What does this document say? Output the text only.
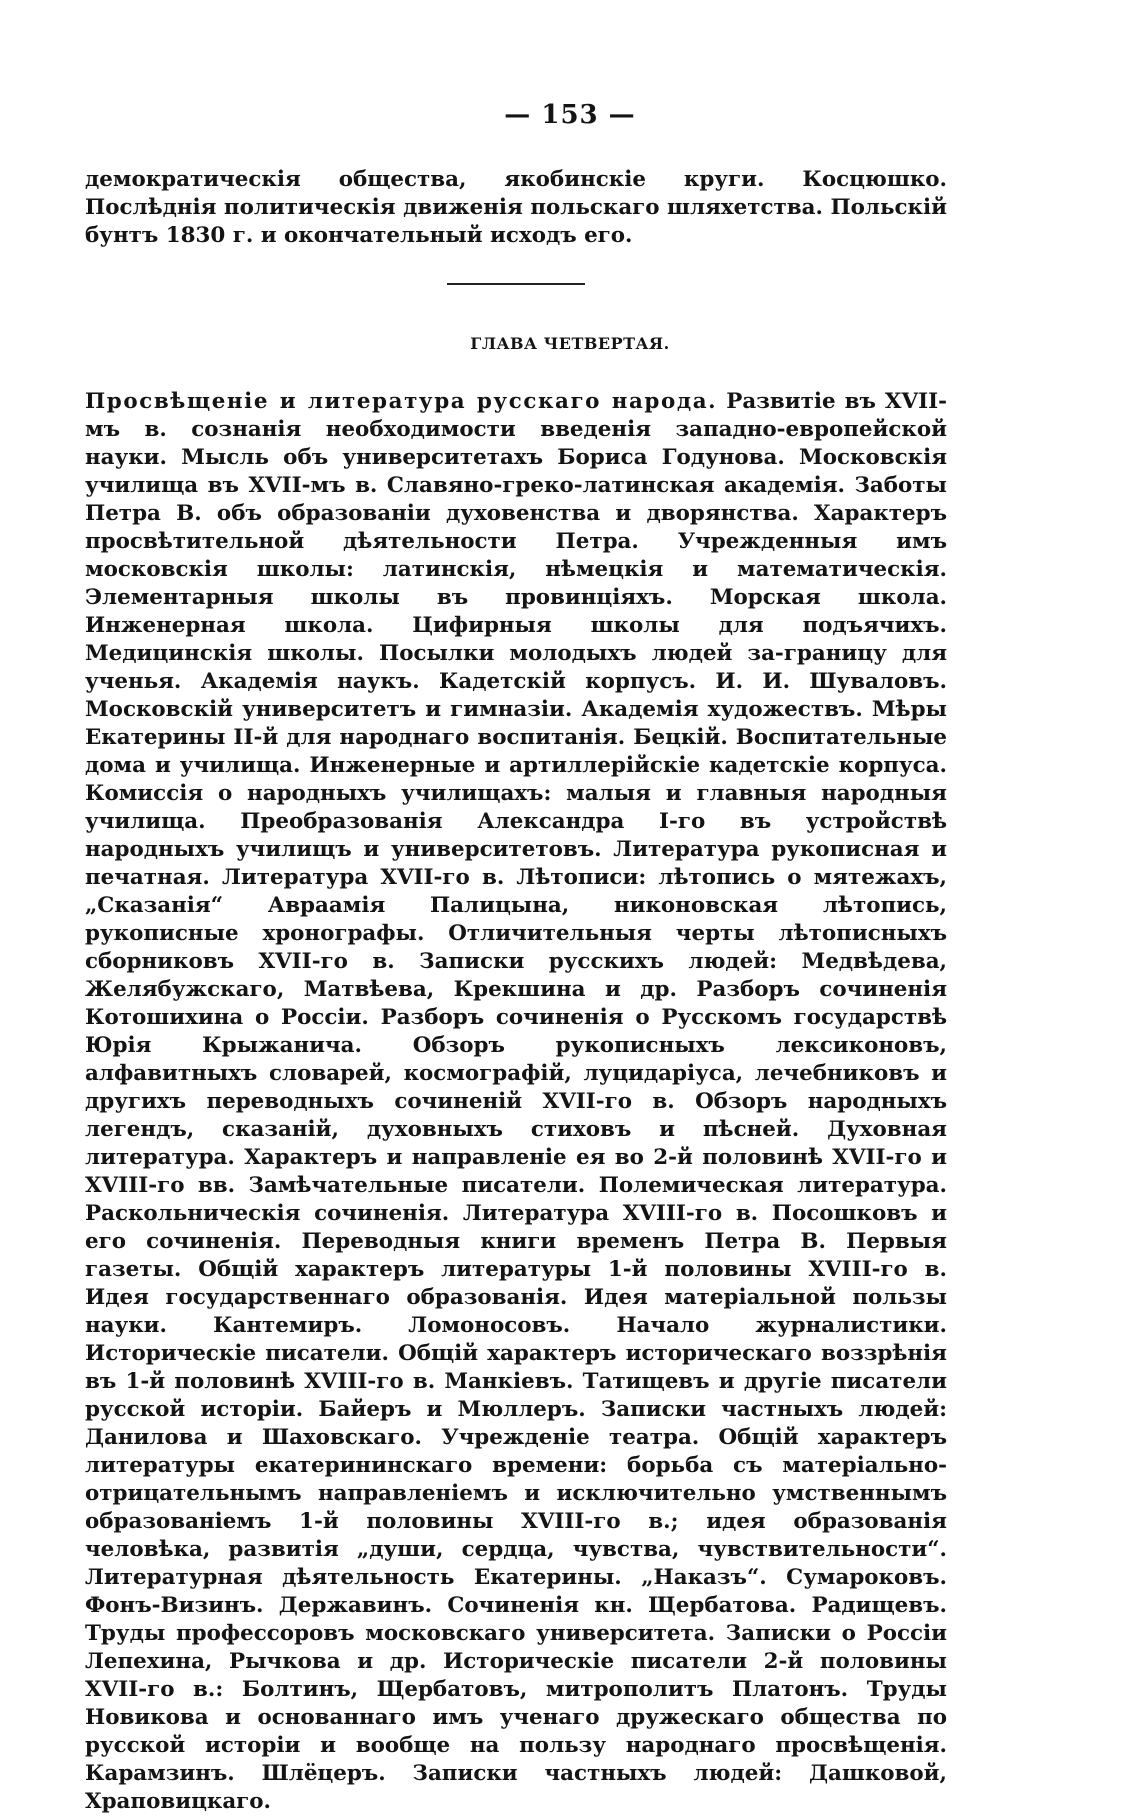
— 153 —
демократическія общества, якобинскіе круги. Косцюшко. Послѣднія политическія движенія польскаго шляхетства. Польскій бунтъ 1830 г. и окончательный исходъ его.
ГЛАВА ЧЕТВЕРТАЯ.
Просвѣщеніе и литература русскаго народа. Развитіе въ XVII-мъ в. сознанія необходимости введенія западно-европейской науки. Мысль объ университетахъ Бориса Годунова. Московскія училища въ XVII-мъ в. Славяно-греко-латинская академія. Заботы Петра В. объ образованіи духовенства и дворянства. Характеръ просвѣтительной дѣятельности Петра. Учрежденныя имъ московскія школы: латинскія, нѣмецкія и математическія. Элементарныя школы въ провинціяхъ. Морская школа. Инженерная школа. Цифирныя школы для подъячихъ. Медицинскія школы. Посылки молодыхъ людей за-границу для ученья. Академія наукъ. Кадетскій корпусъ. И. И. Шуваловъ. Московскій университетъ и гимназіи. Академія художествъ. Мѣры Екатерины II-й для народнаго воспитанія. Бецкій. Воспитательные дома и училища. Инженерные и артиллерійскіе кадетскіе корпуса. Комиссія о народныхъ училищахъ: малыя и главныя народныя училища. Преобразованія Александра I-го въ устройствѣ народныхъ училищъ и университетовъ. Литература рукописная и печатная. Литература XVII-го в. Лѣтописи: лѣтопись о мятежахъ, „Сказанія“ Авраамія Палицына, никоновская лѣтопись, рукописные хронографы. Отличительныя черты лѣтописныхъ сборниковъ XVII-го в. Записки русскихъ людей: Медвѣдева, Желябужскаго, Матвѣева, Крекшина и др. Разборъ сочиненія Котошихина о Россіи. Разборъ сочиненія о Русскомъ государствѣ Юрія Крыжанича. Обзоръ рукописныхъ лексиконовъ, алфавитныхъ словарей, космографій, луцидаріуса, лечебниковъ и другихъ переводныхъ сочиненій XVII-го в. Обзоръ народныхъ легендъ, сказаній, духовныхъ стиховъ и пѣсней. Духовная литература. Характеръ и направленіе ея во 2-й половинѣ XVII-го и XVIII-го вв. Замѣчательные писатели. Полемическая литература. Раскольническія сочиненія. Литература XVIII-го в. Посошковъ и его сочиненія. Переводныя книги временъ Петра В. Первыя газеты. Общій характеръ литературы 1-й половины XVIII-го в. Идея государственнаго образованія. Идея матеріальной пользы науки. Кантемиръ. Ломоносовъ. Начало журналистики. Историческіе писатели. Общій характеръ историческаго воззрѣнія въ 1-й половинѣ XVIII-го в. Манкіевъ. Татищевъ и другіе писатели русской исторіи. Байеръ и Мюллеръ. Записки частныхъ людей: Данилова и Шаховскаго. Учрежденіе театра. Общій характеръ литературы екатерининскаго времени: борьба съ матеріально-отрицательнымъ направленіемъ и исключительно умственнымъ образованіемъ 1-й половины XVIII-го в.; идея образованія человѣка, развитія „души, сердца, чувства, чувствительности“. Литературная дѣятельность Екатерины. „Наказъ“. Сумароковъ. Фонъ-Визинъ. Державинъ. Сочиненія кн. Щербатова. Радищевъ. Труды профессоровъ московскаго университета. Записки о Россіи Лепехина, Рычкова и др. Историческіе писатели 2-й половины XVII-го в.: Болтинъ, Щербатовъ, митрополитъ Платонъ. Труды Новикова и основаннаго имъ ученаго дружескаго общества по русской исторіи и вообще на пользу народнаго просвѣщенія. Карамзинъ. Шлёцеръ. Записки частныхъ людей: Дашковой, Храповицкаго.
